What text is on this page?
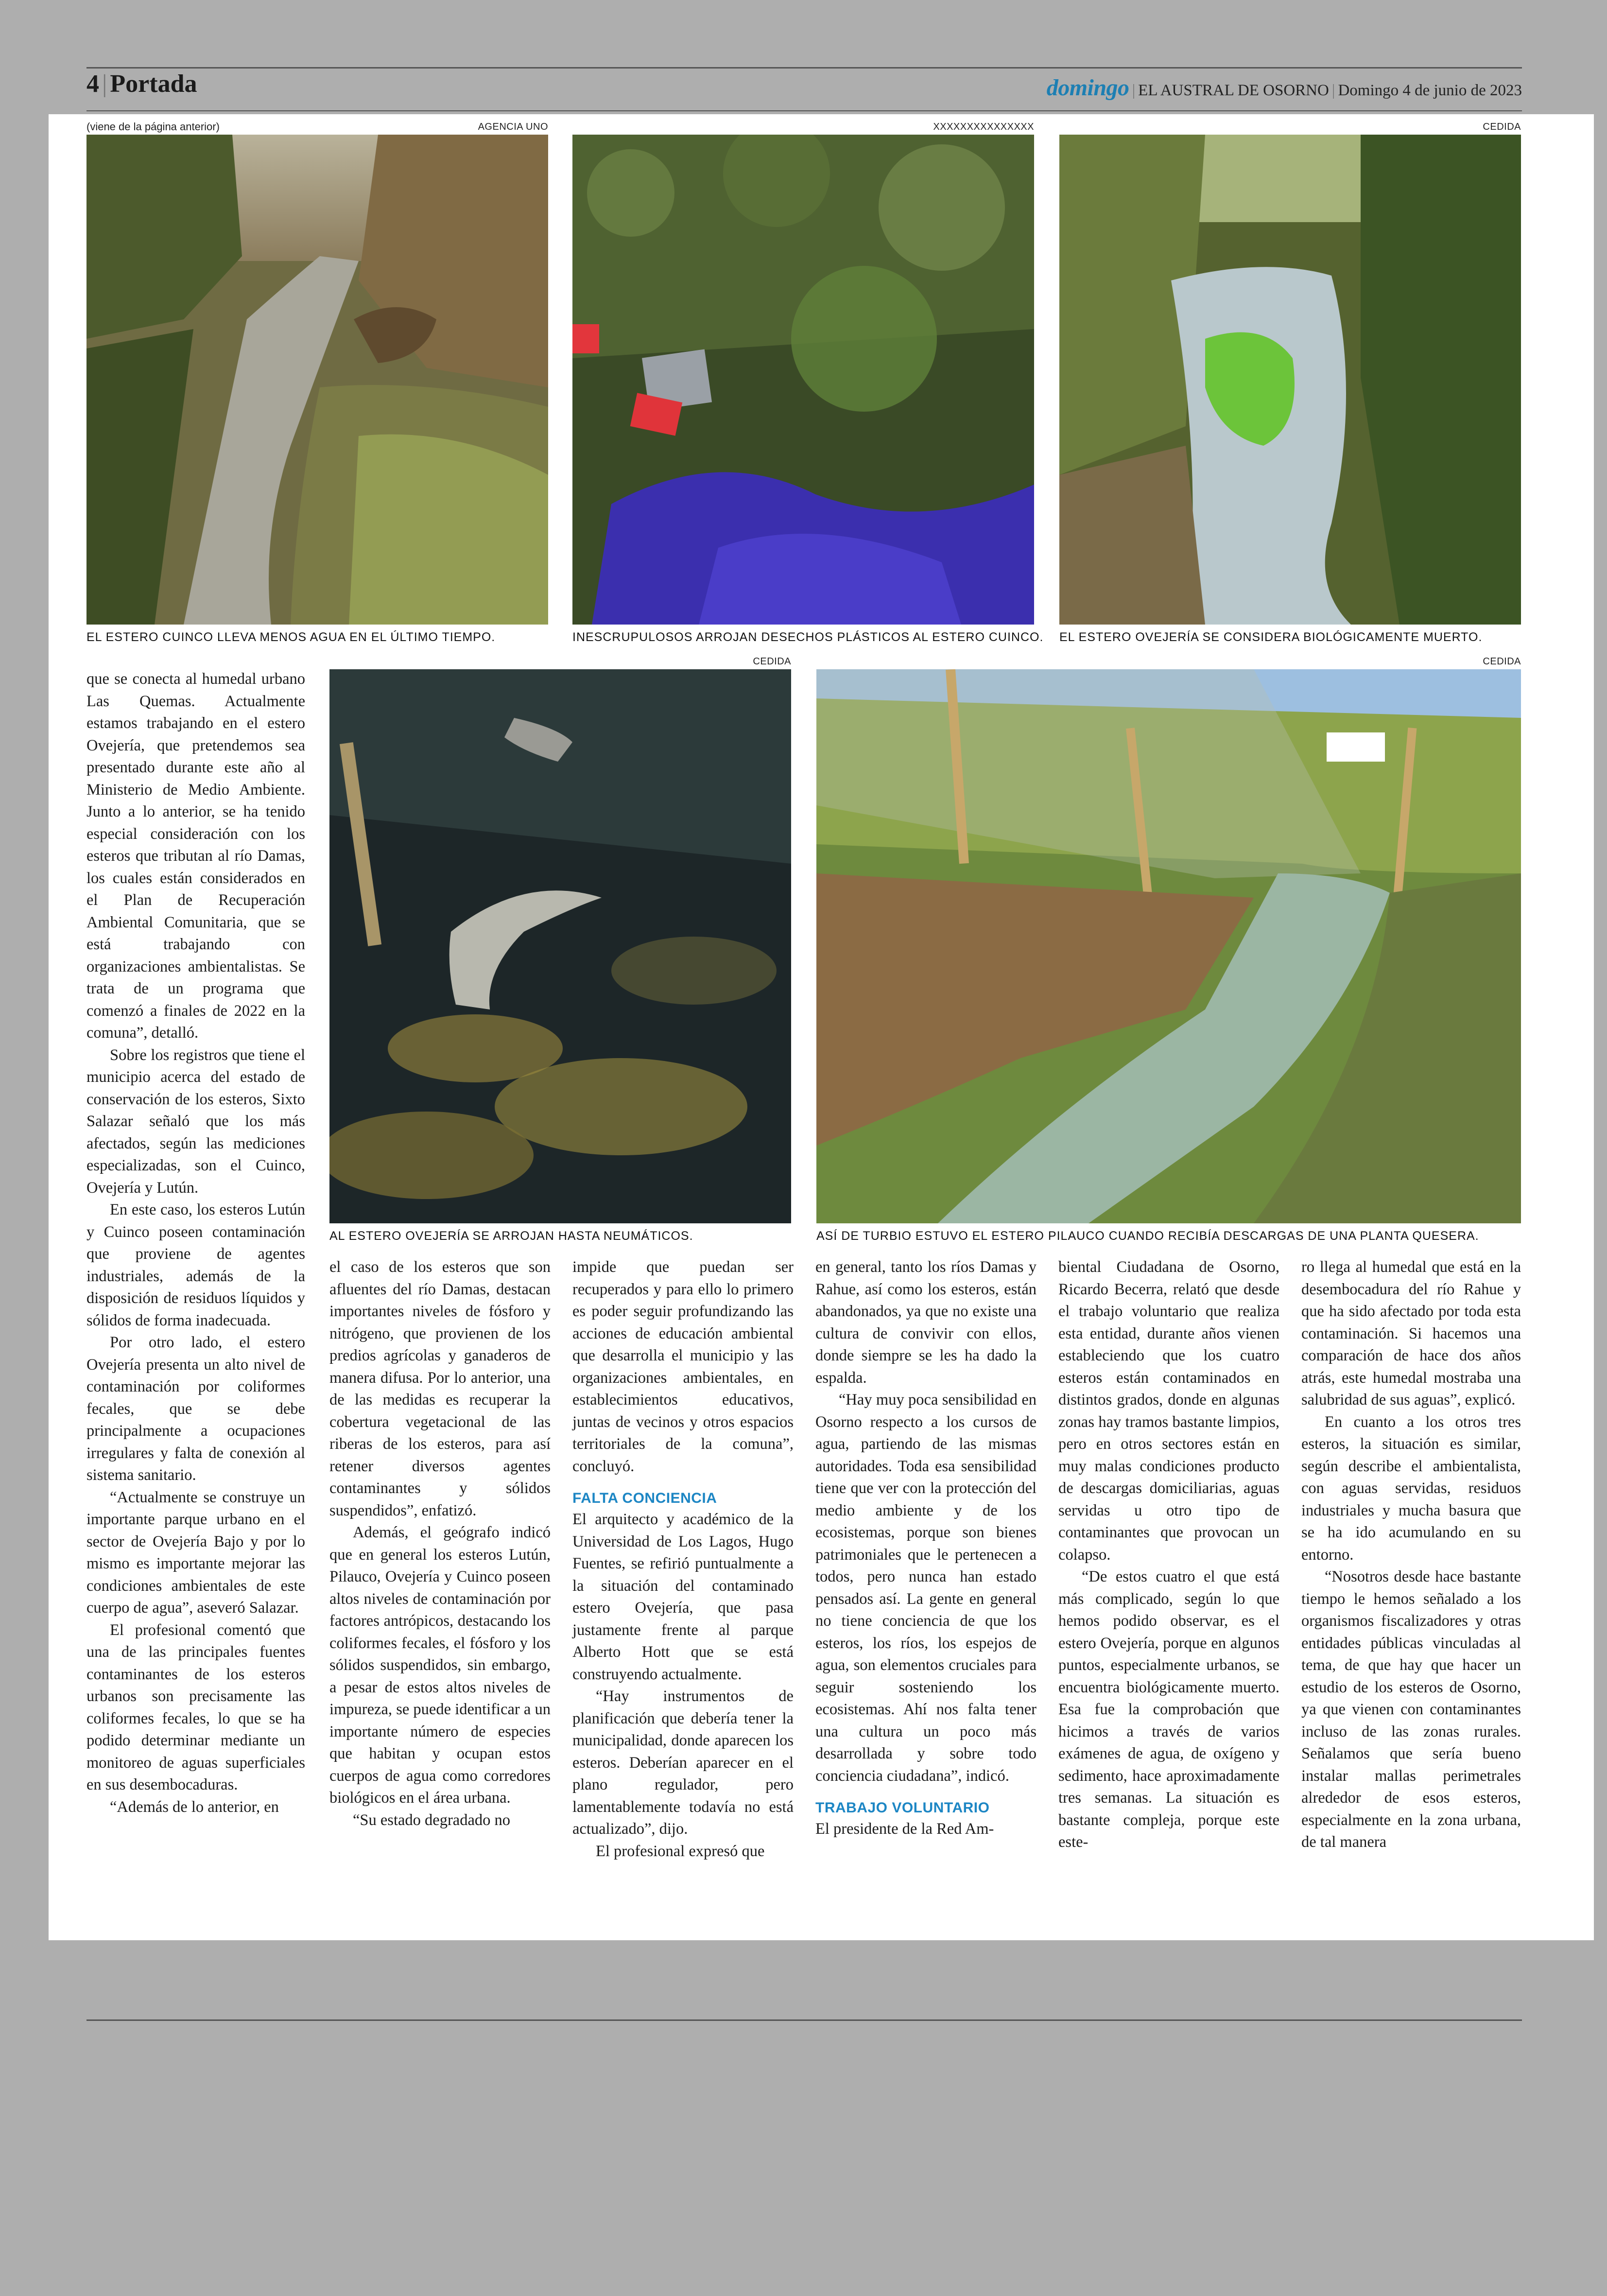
4 | Portada	domingo | EL AUSTRAL DE OSORNO | Domingo 4 de junio de 2023
(viene de la página anterior)	AGENCIA UNO
EL ESTERO CUINCO LLEVA MENOS AGUA EN EL ÚLTIMO TIEMPO.
XXXXXXXXXXXXXXX
INESCRUPULOSOS ARROJAN DESECHOS PLÁSTICOS AL ESTERO CUINCO.
CEDIDA
EL ESTERO OVEJERÍA SE CONSIDERA BIOLÓGICAMENTE MUERTO.
CEDIDA
AL ESTERO OVEJERÍA SE ARROJAN HASTA NEUMÁTICOS.
CEDIDA
ASÍ DE TURBIO ESTUVO EL ESTERO PILAUCO CUANDO RECIBÍA DESCARGAS DE UNA PLANTA QUESERA.

que se conecta al humedal urbano Las Quemas. Actualmente estamos trabajando en el estero Ovejería, que pretendemos sea presentado durante este año al Ministerio de Medio Ambiente. Junto a lo anterior, se ha tenido especial consideración con los esteros que tributan al río Damas, los cuales están considerados en el Plan de Recuperación Ambiental Comunitaria, que se está trabajando con organizaciones ambientalistas. Se trata de un programa que comenzó a finales de 2022 en la comuna”, detalló.

Sobre los registros que tiene el municipio acerca del estado de conservación de los esteros, Sixto Salazar señaló que los más afectados, según las mediciones especializadas, son el Cuinco, Ovejería y Lutún.

En este caso, los esteros Lutún y Cuinco poseen contaminación que proviene de agentes industriales, además de la disposición de residuos líquidos y sólidos de forma inadecuada.

Por otro lado, el estero Ovejería presenta un alto nivel de contaminación por coliformes fecales, que se debe principalmente a ocupaciones irregulares y falta de conexión al sistema sanitario.

“Actualmente se construye un importante parque urbano en el sector de Ovejería Bajo y por lo mismo es importante mejorar las condiciones ambientales de este cuerpo de agua”, aseveró Salazar.

El profesional comentó que una de las principales fuentes contaminantes de los esteros urbanos son precisamente las coliformes fecales, lo que se ha podido determinar mediante un monitoreo de aguas superficiales en sus desembocaduras.

“Además de lo anterior, en

el caso de los esteros que son afluentes del río Damas, destacan importantes niveles de fósforo y nitrógeno, que provienen de los predios agrícolas y ganaderos de manera difusa. Por lo anterior, una de las medidas es recuperar la cobertura vegetacional de las riberas de los esteros, para así retener diversos agentes contaminantes y sólidos suspendidos”, enfatizó.

Además, el geógrafo indicó que en general los esteros Lutún, Pilauco, Ovejería y Cuinco poseen altos niveles de contaminación por factores antrópicos, destacando los coliformes fecales, el fósforo y los sólidos suspendidos, sin embargo, a pesar de estos altos niveles de impureza, se puede identificar a un importante número de especies que habitan y ocupan estos cuerpos de agua como corredores biológicos en el área urbana.

“Su estado degradado no

impide que puedan ser recuperados y para ello lo primero es poder seguir profundizando las acciones de educación ambiental que desarrolla el municipio y las organizaciones ambientales, en establecimientos educativos, juntas de vecinos y otros espacios territoriales de la comuna”, concluyó.

FALTA CONCIENCIA

El arquitecto y académico de la Universidad de Los Lagos, Hugo Fuentes, se refirió puntualmente a la situación del contaminado estero Ovejería, que pasa justamente frente al parque Alberto Hott que se está construyendo actualmente.

“Hay instrumentos de planificación que debería tener la municipalidad, donde aparecen los esteros. Deberían aparecer en el plano regulador, pero lamentablemente todavía no está actualizado”, dijo.

El profesional expresó que

en general, tanto los ríos Damas y Rahue, así como los esteros, están abandonados, ya que no existe una cultura de convivir con ellos, donde siempre se les ha dado la espalda.

“Hay muy poca sensibilidad en Osorno respecto a los cursos de agua, partiendo de las mismas autoridades. Toda esa sensibilidad tiene que ver con la protección del medio ambiente y de los ecosistemas, porque son bienes patrimoniales que le pertenecen a todos, pero nunca han estado pensados así. La gente en general no tiene conciencia de que los esteros, los ríos, los espejos de agua, son elementos cruciales para seguir sosteniendo los ecosistemas. Ahí nos falta tener una cultura un poco más desarrollada y sobre todo conciencia ciudadana”, indicó.

TRABAJO VOLUNTARIO

El presidente de la Red Am-

biental Ciudadana de Osorno, Ricardo Becerra, relató que desde el trabajo voluntario que realiza esta entidad, durante años vienen estableciendo que los cuatro esteros están contaminados en distintos grados, donde en algunas zonas hay tramos bastante limpios, pero en otros sectores están en muy malas condiciones producto de descargas domiciliarias, aguas servidas u otro tipo de contaminantes que provocan un colapso.

“De estos cuatro el que está más complicado, según lo que hemos podido observar, es el estero Ovejería, porque en algunos puntos, especialmente urbanos, se encuentra biológicamente muerto. Esa fue la comprobación que hicimos a través de varios exámenes de agua, de oxígeno y sedimento, hace aproximadamente tres semanas. La situación es bastante compleja, porque este este-

ro llega al humedal que está en la desembocadura del río Rahue y que ha sido afectado por toda esta contaminación. Si hacemos una comparación de hace dos años atrás, este humedal mostraba una salubridad de sus aguas”, explicó.

En cuanto a los otros tres esteros, la situación es similar, según describe el ambientalista, con aguas servidas, residuos industriales y mucha basura que se ha ido acumulando en su entorno.

“Nosotros desde hace bastante tiempo le hemos señalado a los organismos fiscalizadores y otras entidades públicas vinculadas al tema, de que hay que hacer un estudio de los esteros de Osorno, ya que vienen con contaminantes incluso de las zonas rurales. Señalamos que sería bueno instalar mallas perimetrales alrededor de esos esteros, especialmente en la zona urbana, de tal manera
